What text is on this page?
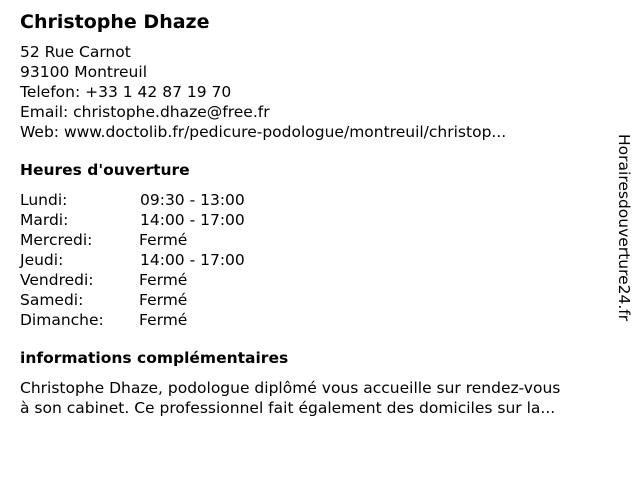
Christophe Dhaze
52 Rue Carnot
93100 Montreuil
Telefon: +33 1 42 87 19 70
Email: christophe.dhaze@free.fr
Web: www.doctolib.fr/pedicure-podologue/montreuil/christop...
Heures d'ouverture
Lundi:	09:30 - 13:00
Mardi:	14:00 - 17:00
Mercredi:	Fermé
Jeudi:	14:00 - 17:00
Vendredi:	Fermé
Samedi:	Fermé
Dimanche:	Fermé
informations complémentaires
Christophe Dhaze, podologue diplômé vous accueille sur rendez-vous
à son cabinet. Ce professionnel fait également des domiciles sur la...
Horairesdouverture24.fr
